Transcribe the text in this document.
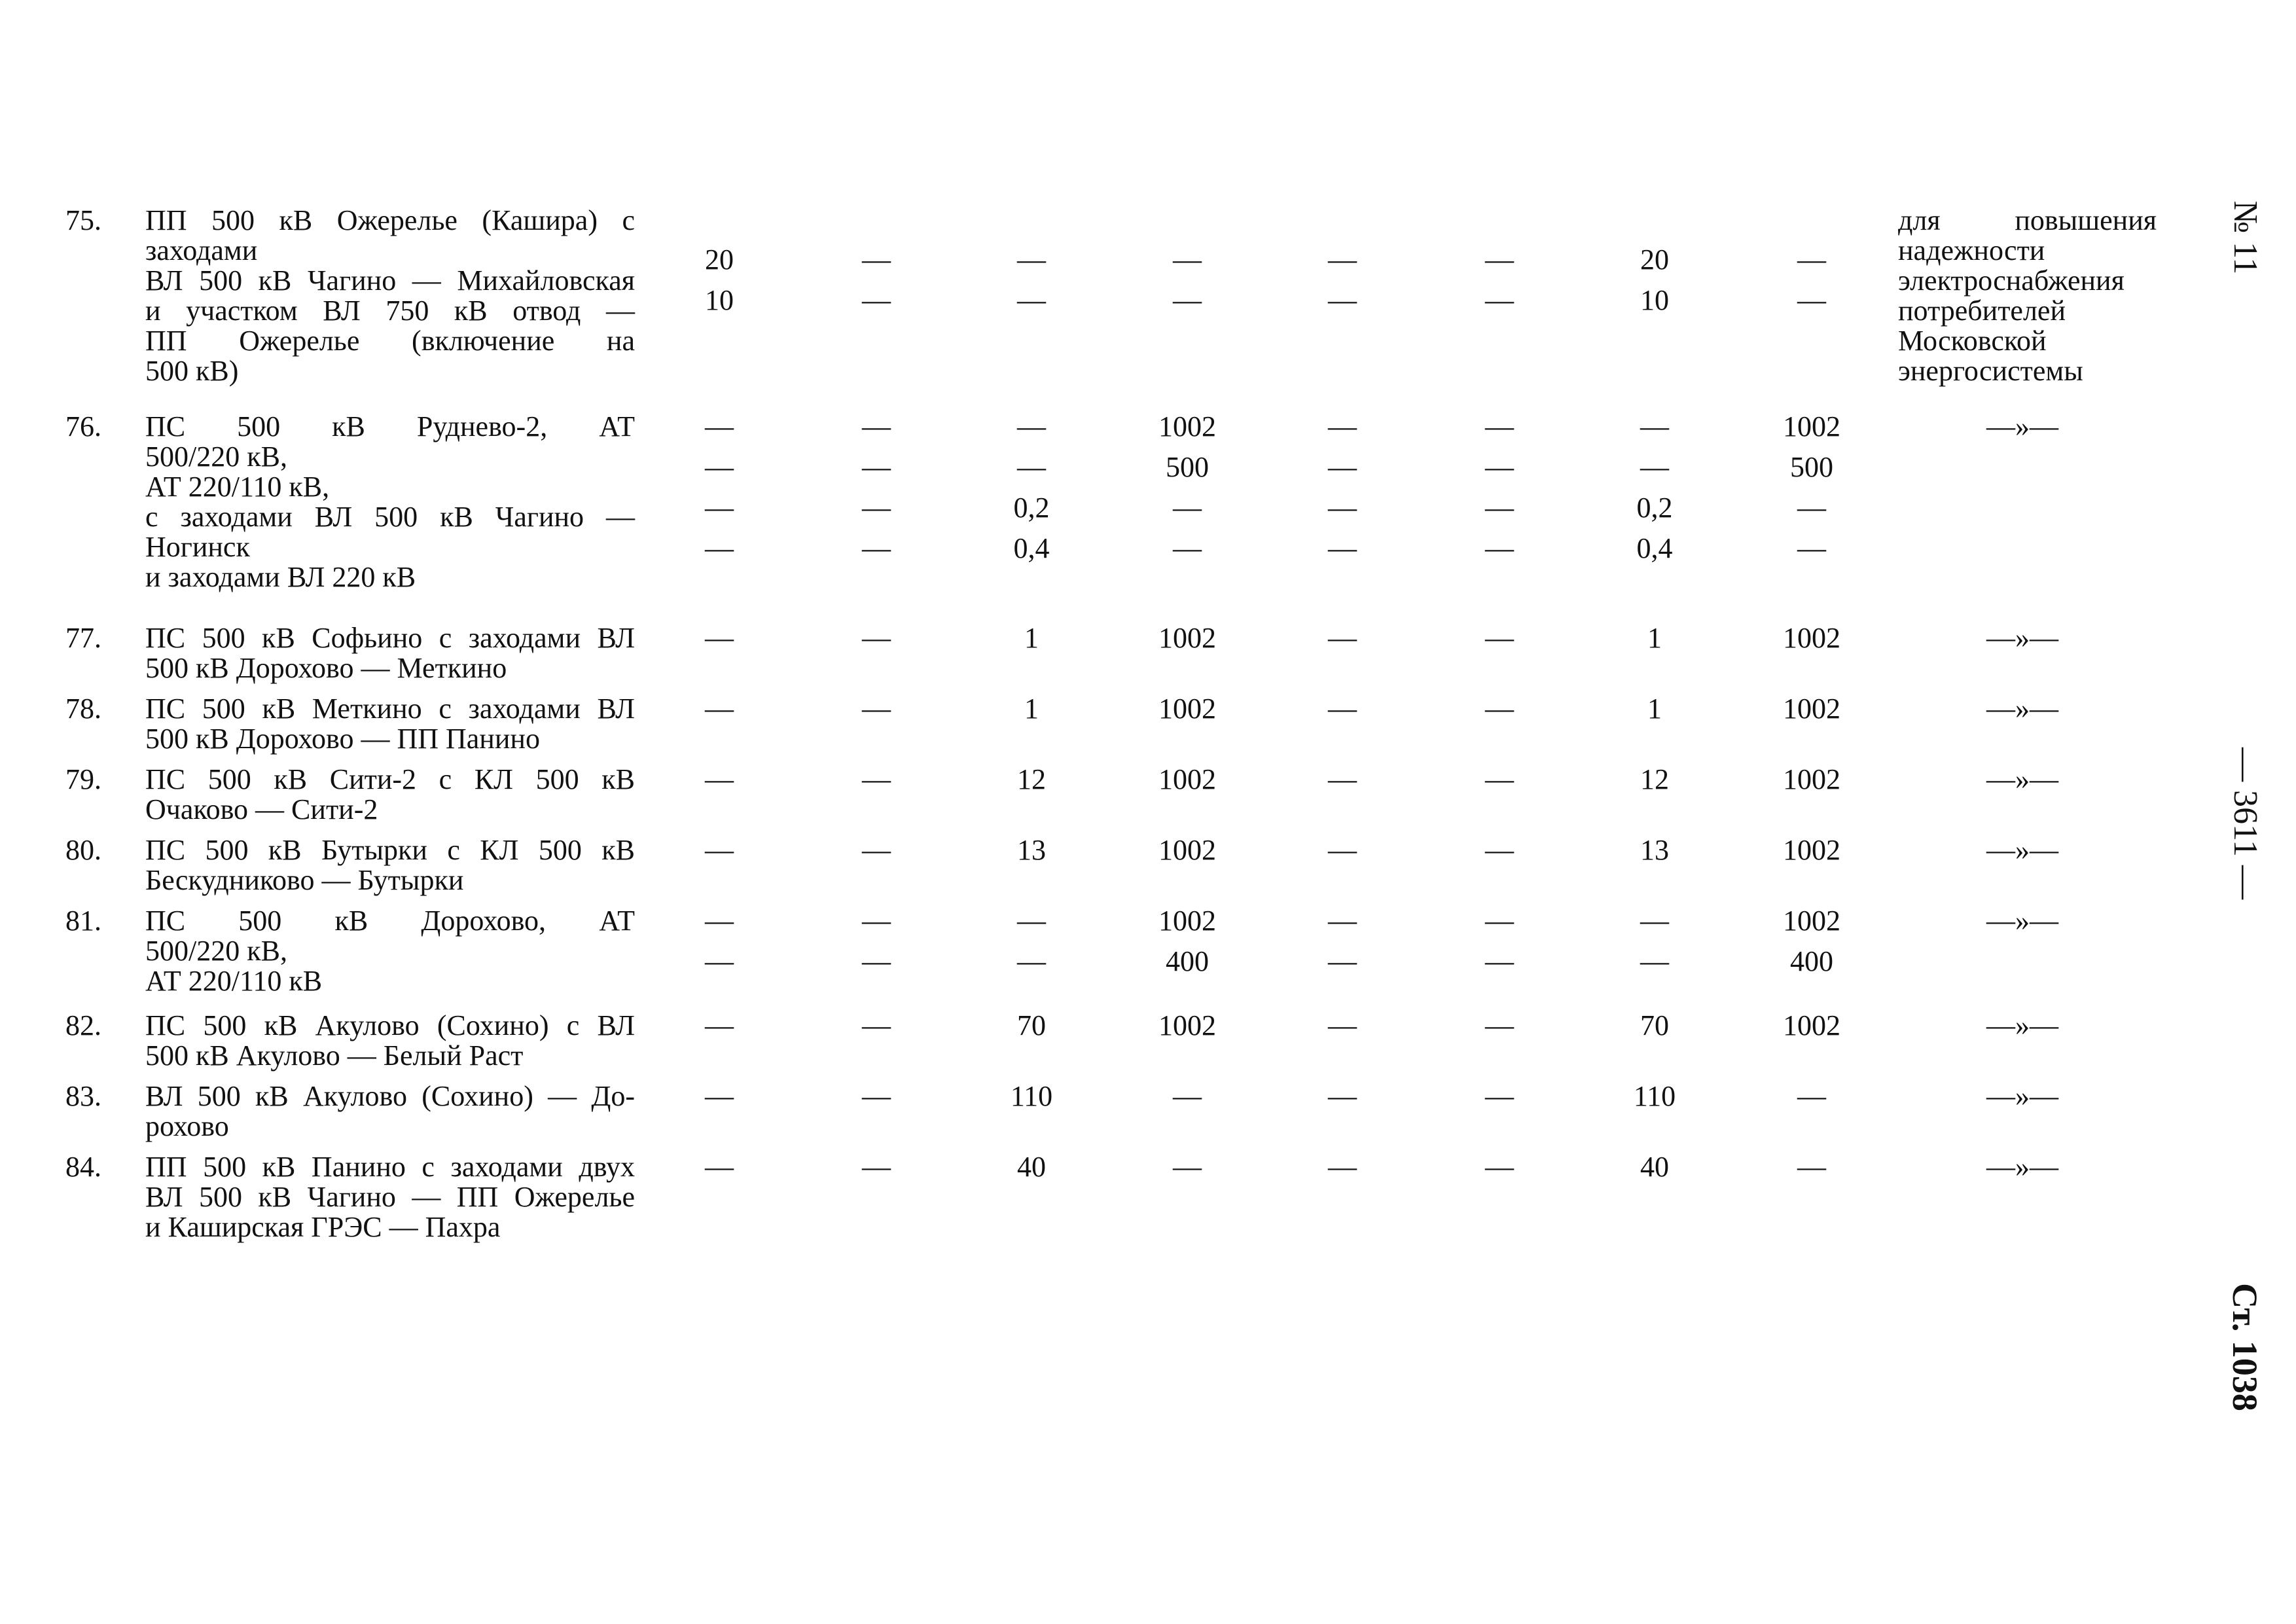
75.	ПП 500 кВ Ожерелье (Кашира) с
заходами
ВЛ 500 кВ Чагино — Михайловская
и участком ВЛ 750 кВ отвод —
ПП Ожерелье (включение на
500 кВ)
20	—	—	—	—	—	20	—
10	—	—	—	—	—	10	—
для повышения
надежности
электроснабжения
потребителей
Московской
энергосистемы
76.	ПС 500 кВ Руднево-2, АТ
500/220 кВ,
АТ 220/110 кВ,
с заходами ВЛ 500 кВ Чагино —
Ногинск
и заходами ВЛ 220 кВ
—	—	—	1002	—	—	—	1002
—	—	—	500	—	—	—	500
—	—	0,2	—	—	—	0,2	—
—	—	0,4	—	—	—	0,4	—
—»—
77.	ПС 500 кВ Софьино с заходами ВЛ
500 кВ Дорохово — Меткино
—	—	1	1002	—	—	1	1002	—»—
78.	ПС 500 кВ Меткино с заходами ВЛ
500 кВ Дорохово — ПП Панино
—	—	1	1002	—	—	1	1002	—»—
79.	ПС 500 кВ Сити-2 с КЛ 500 кВ
Очаково — Сити-2
—	—	12	1002	—	—	12	1002	—»—
80.	ПС 500 кВ Бутырки с КЛ 500 кВ
Бескудниково — Бутырки
—	—	13	1002	—	—	13	1002	—»—
81.	ПС 500 кВ Дорохово, АТ
500/220 кВ,
АТ 220/110 кВ
—	—	—	1002	—	—	—	1002
—	—	—	400	—	—	—	400
—»—
82.	ПС 500 кВ Акулово (Сохино) с ВЛ
500 кВ Акулово — Белый Раст
—	—	70	1002	—	—	70	1002	—»—
83.	ВЛ 500 кВ Акулово (Сохино) — До-
рохово
—	—	110	—	—	—	110	—	—»—
84.	ПП 500 кВ Панино с заходами двух
ВЛ 500 кВ Чагино — ПП Ожерелье
и Каширская ГРЭС — Пахра
—	—	40	—	—	—	40	—	—»—
№ 11
— 3611 —
Ст. 1038
